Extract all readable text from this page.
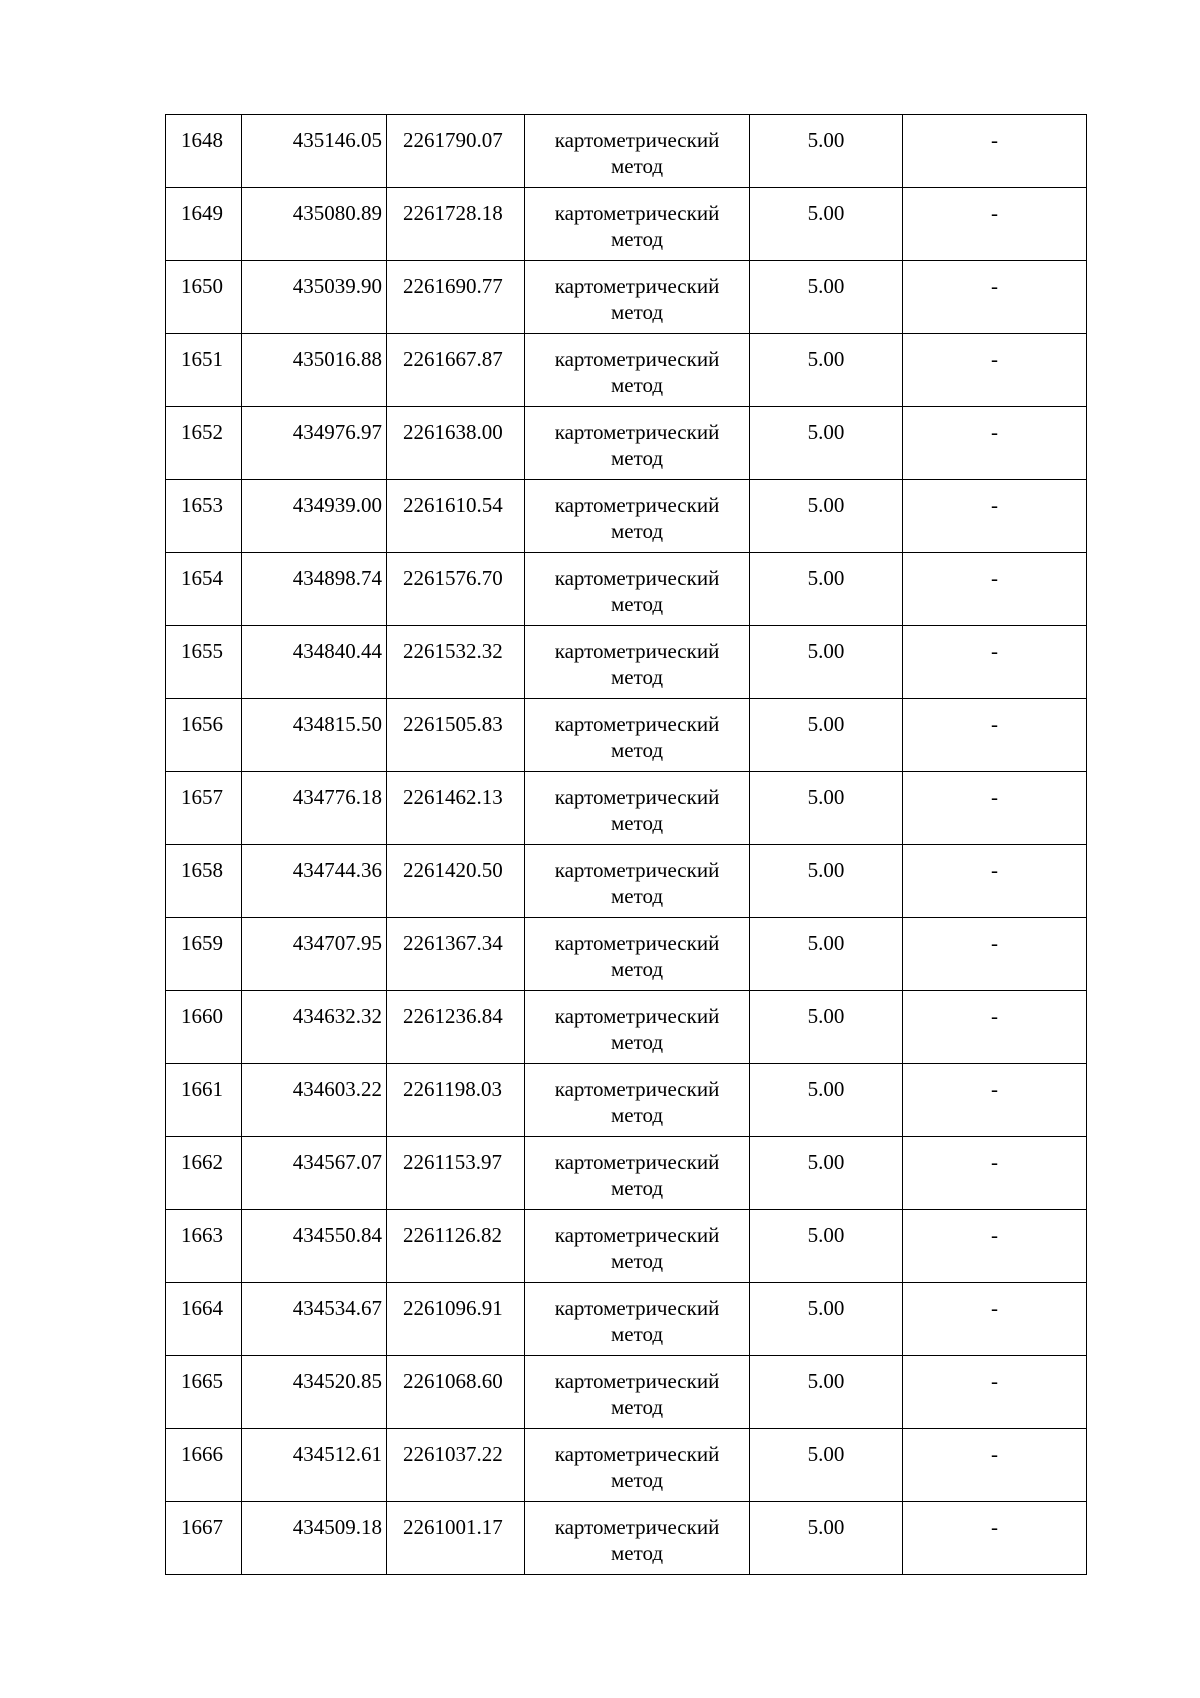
1648	435146.05	2261790.07	картометрический метод	5.00	-

1649	435080.89	2261728.18	картометрический метод	5.00	-

1650	435039.90	2261690.77	картометрический метод	5.00	-

1651	435016.88	2261667.87	картометрический метод	5.00	-

1652	434976.97	2261638.00	картометрический метод	5.00	-

1653	434939.00	2261610.54	картометрический метод	5.00	-

1654	434898.74	2261576.70	картометрический метод	5.00	-

1655	434840.44	2261532.32	картометрический метод	5.00	-

1656	434815.50	2261505.83	картометрический метод	5.00	-

1657	434776.18	2261462.13	картометрический метод	5.00	-

1658	434744.36	2261420.50	картометрический метод	5.00	-

1659	434707.95	2261367.34	картометрический метод	5.00	-

1660	434632.32	2261236.84	картометрический метод	5.00	-

1661	434603.22	2261198.03	картометрический метод	5.00	-

1662	434567.07	2261153.97	картометрический метод	5.00	-

1663	434550.84	2261126.82	картометрический метод	5.00	-

1664	434534.67	2261096.91	картометрический метод	5.00	-

1665	434520.85	2261068.60	картометрический метод	5.00	-

1666	434512.61	2261037.22	картометрический метод	5.00	-

1667	434509.18	2261001.17	картометрический метод	5.00	-
